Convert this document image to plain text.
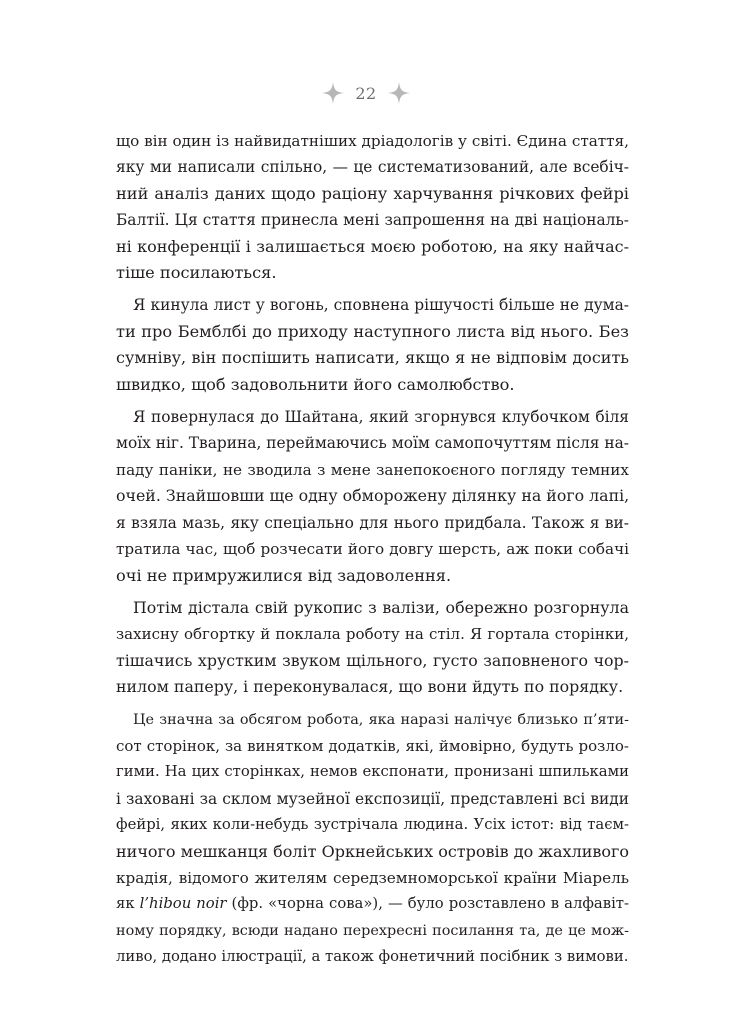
22

що він один із найвидатніших дріадологів у світі. Єдина стаття,
яку ми написали спільно, — це систематизований, але всебіч-
ний аналіз даних щодо раціону харчування річкових фейрі
Балтії. Ця стаття принесла мені запрошення на дві національ-
ні конференції і залишається моєю роботою, на яку найчас-
тіше посилаються.

Я кинула лист у вогонь, сповнена рішучості більше не дума-
ти про Бемблбі до приходу наступного листа від нього. Без
сумніву, він поспішить написати, якщо я не відповім досить
швидко, щоб задовольнити його самолюбство.

Я повернулася до Шайтана, який згорнувся клубочком біля
моїх ніг. Тварина, переймаючись моїм самопочуттям після на-
паду паніки, не зводила з мене занепокоєного погляду темних
очей. Знайшовши ще одну обморожену ділянку на його лапі,
я взяла мазь, яку спеціально для нього придбала. Також я ви-
тратила час, щоб розчесати його довгу шерсть, аж поки собачі
очі не примружилися від задоволення.

Потім дістала свій рукопис з валізи, обережно розгорнула
захисну обгортку й поклала роботу на стіл. Я гортала сторінки,
тішачись хрустким звуком щільного, густо заповненого чор-
нилом паперу, і переконувалася, що вони йдуть по порядку.

Це значна за обсягом робота, яка наразі налічує близько п’яти-
сот сторінок, за винятком додатків, які, ймовірно, будуть розло-
гими. На цих сторінках, немов експонати, пронизані шпильками
і заховані за склом музейної експозиції, представлені всі види
фейрі, яких коли-небудь зустрічала людина. Усіх істот: від таєм-
ничого мешканця боліт Оркнейських островів до жахливого
крадія, відомого жителям середземноморської країни Міарель
як l’hibou noir (фр. «чорна сова»), — було розставлено в алфавіт-
ному порядку, всюди надано перехресні посилання та, де це мож-
ливо, додано ілюстрації, а також фонетичний посібник з вимови.
